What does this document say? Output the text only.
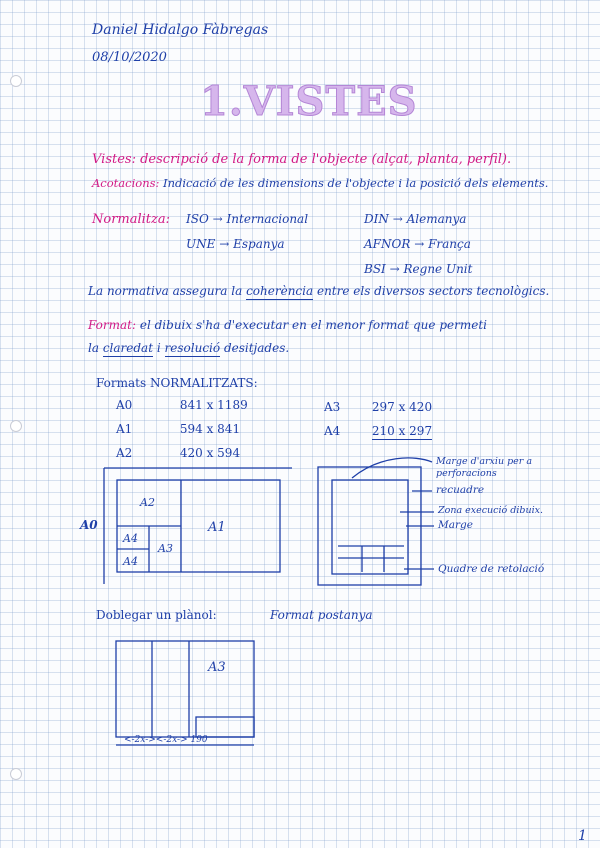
Daniel Hidalgo Fàbregas
08/10/2020
1.VISTES
Vistes: descripció de la forma de l'objecte (alçat, planta, perfil).
Acotacions: Indicació de les dimensions de l'objecte i la posició dels elements.
Normalitza: ISO → Internacional
UNE → Espanya
DIN → Alemanya
AFNOR → França
BSI → Regne Unit
La normativa assegura la coherència entre els diversos sectors tecnològics.
Format: el dibuix s'ha d'executar en el menor format que permeti
la claredat i resolució desitjades.
Formats NORMALITZATS:
A0	841 x 1189
A1	594 x 841
A2	420 x 594
A3	297 x 420
A4	210 x 297
A0
A2
A1
A4
A4
A3
Marge d'arxiu per a perforacions
recuadre
Zona execució dibuix.
Marge
Quadre de retolació
Doblegar un plànol:	Format postanya
A3
<-2x-><-2x-> 190
1
